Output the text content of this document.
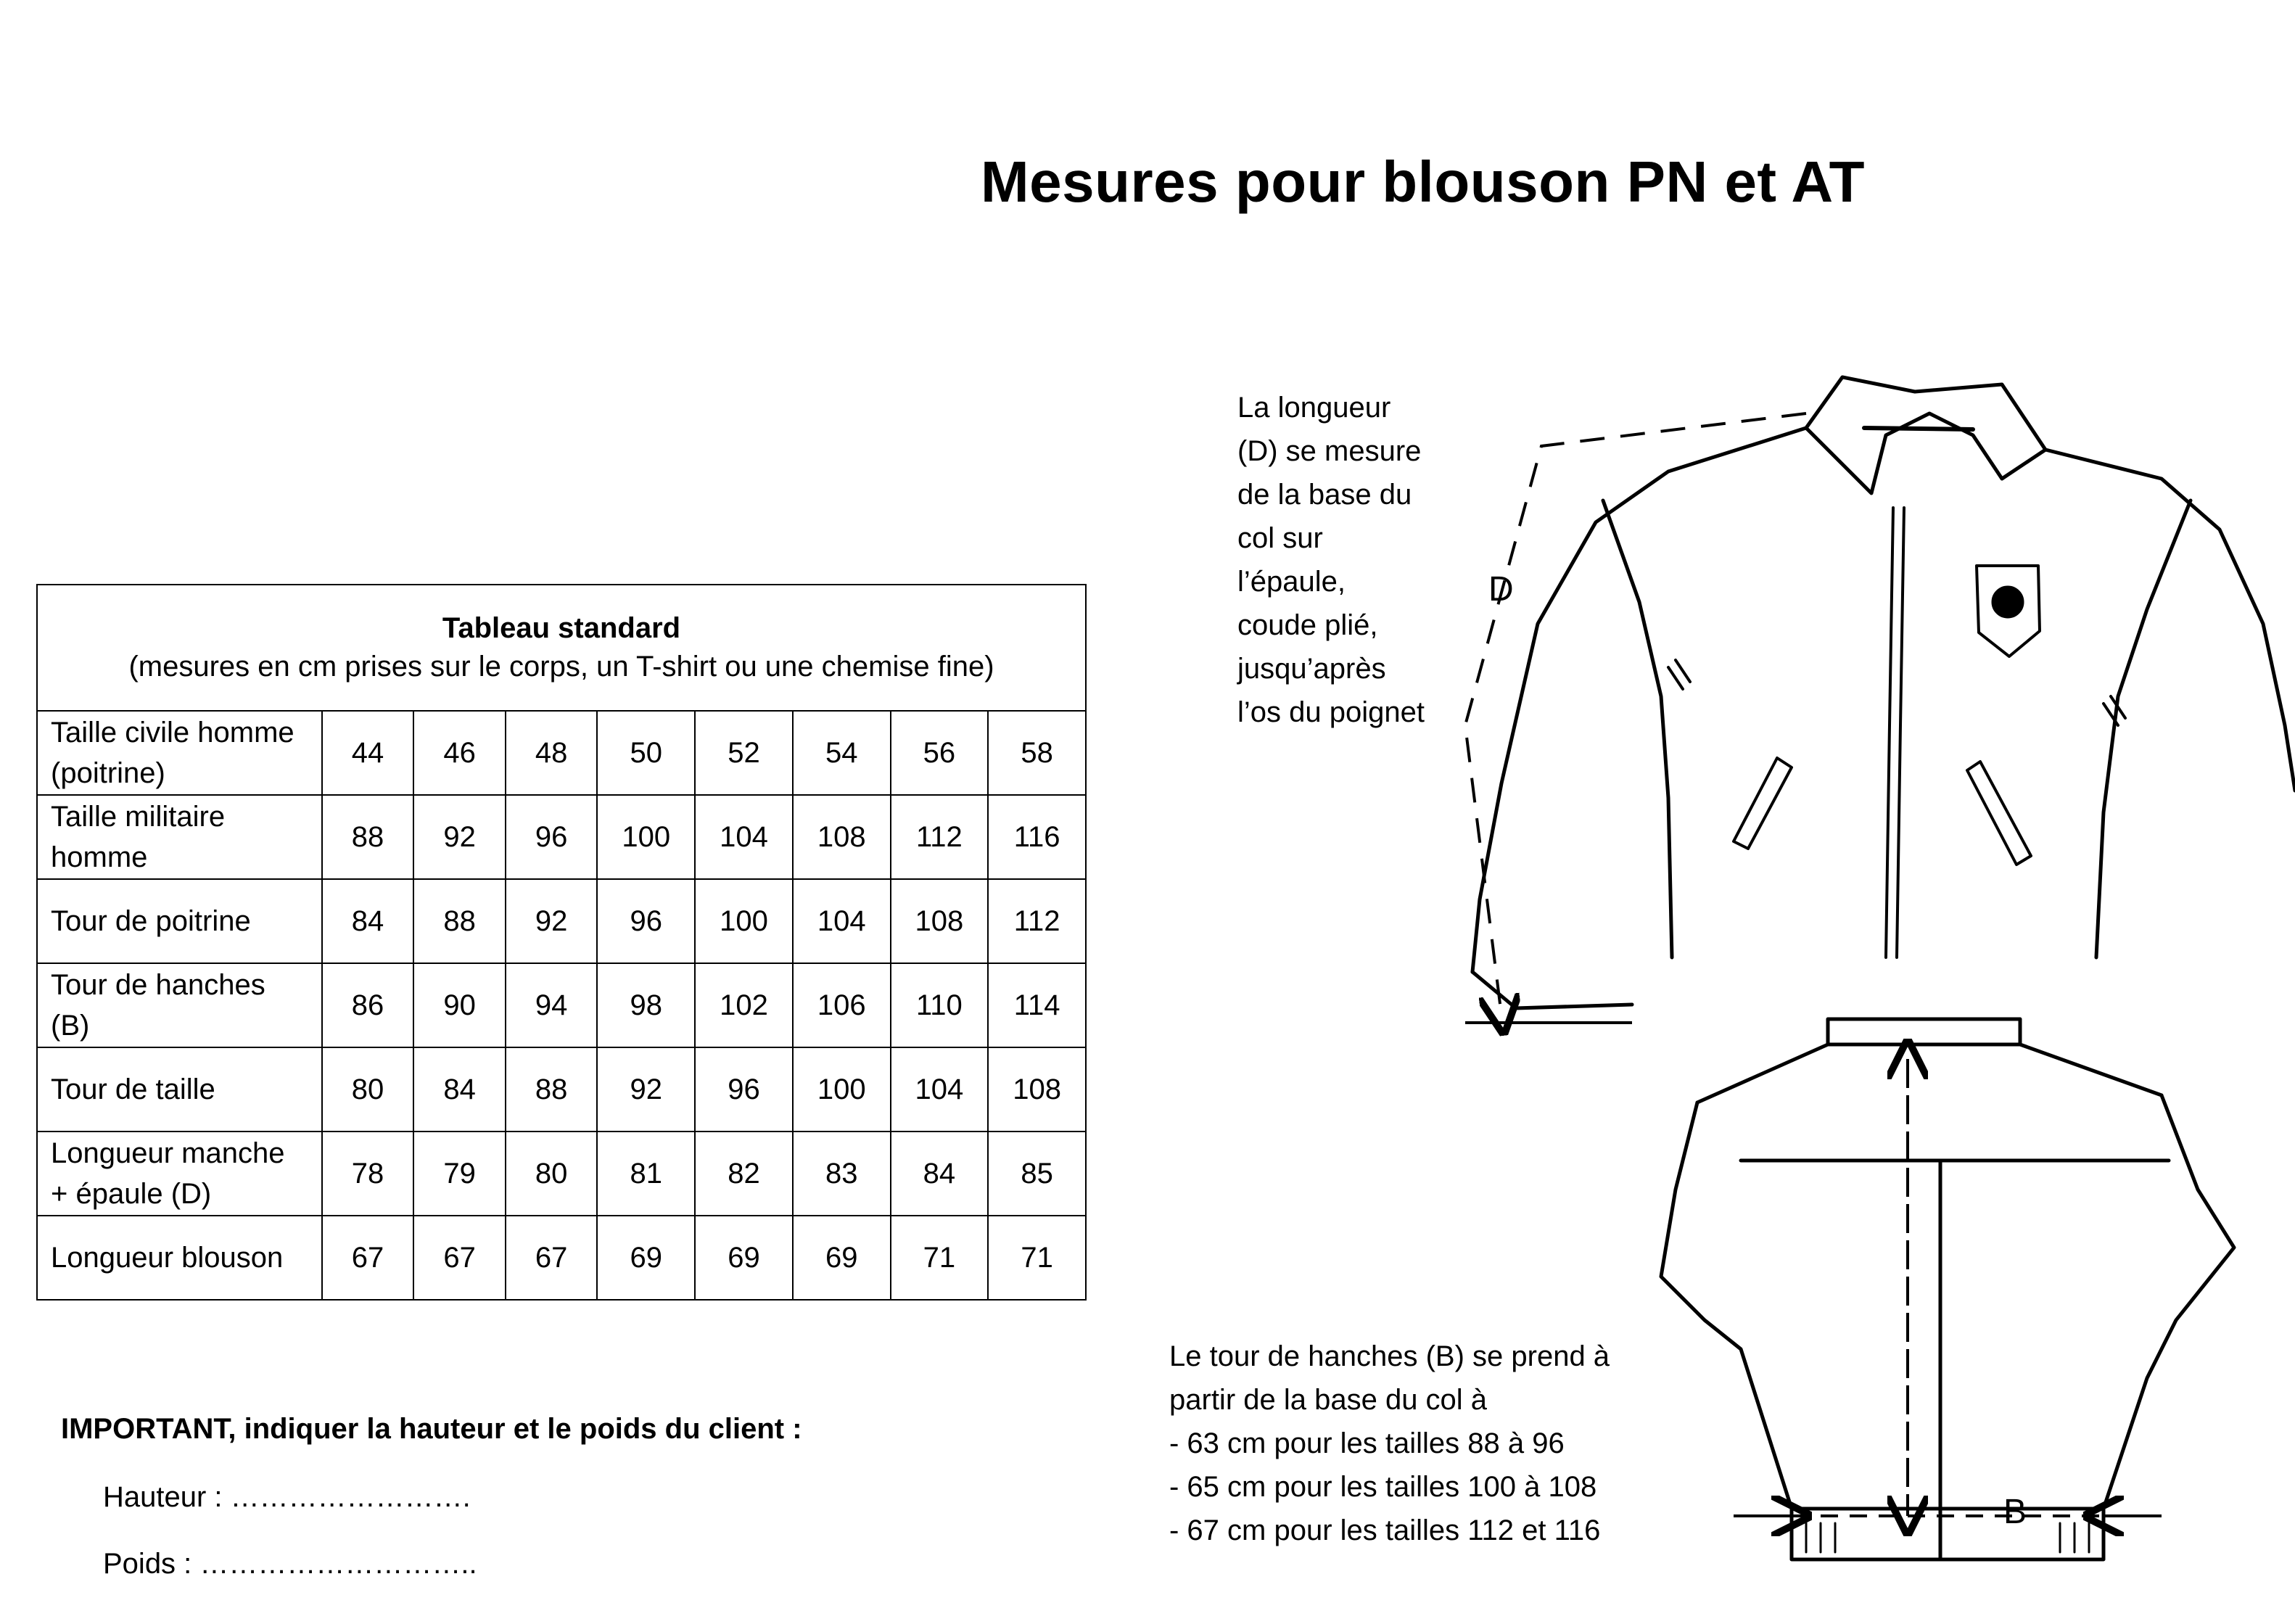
Mesures pour blouson PN et AT
Tableau standard
(mesures en cm prises sur le corps, un T-shirt ou une chemise fine)								

Taille civile homme (poitrine)	44	46	48	50	52	54	56	58
Taille militaire homme	88	92	96	100	104	108	112	116
Tour de poitrine	84	88	92	96	100	104	108	112
Tour de hanches (B)	86	90	94	98	102	106	110	114
Tour de taille	80	84	88	92	96	100	104	108
Longueur manche + épaule (D)	78	79	80	81	82	83	84	85
Longueur blouson	67	67	67	69	69	69	71	71
IMPORTANT, indiquer la hauteur et le poids du client :
Hauteur : …………………….
Poids : ………………………..
La longueur (D) se mesure de la base du col sur l’épaule, coude plié, jusqu’après l’os du poignet
Le tour de hanches (B) se prend à
partir de la base du col à
- 63 cm pour les tailles 88 à 96
- 65 cm pour les tailles 100 à 108
- 67 cm pour les tailles 112 et 116
D
B
